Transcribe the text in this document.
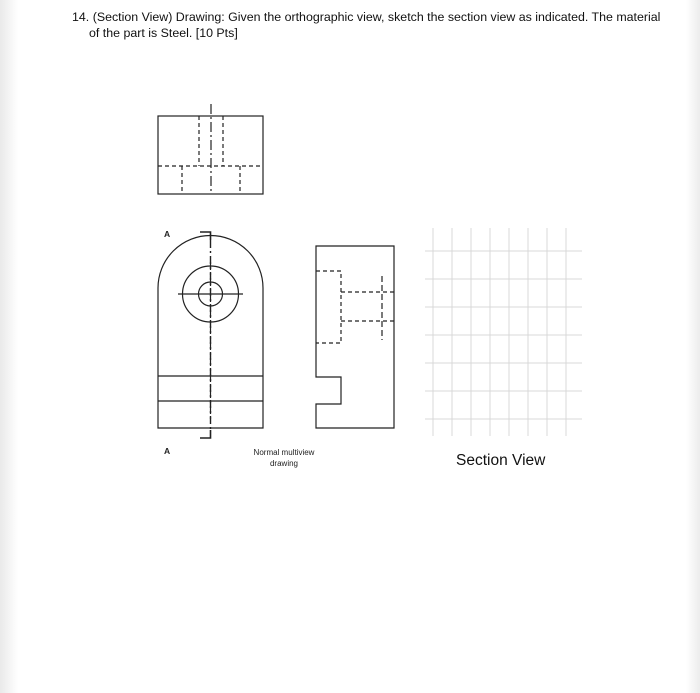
14. (Section View) Drawing: Given the orthographic view, sketch the section view as indicated. The material
of the part is Steel. [10 Pts]
A
A	Normal multiview
drawing	Section View
